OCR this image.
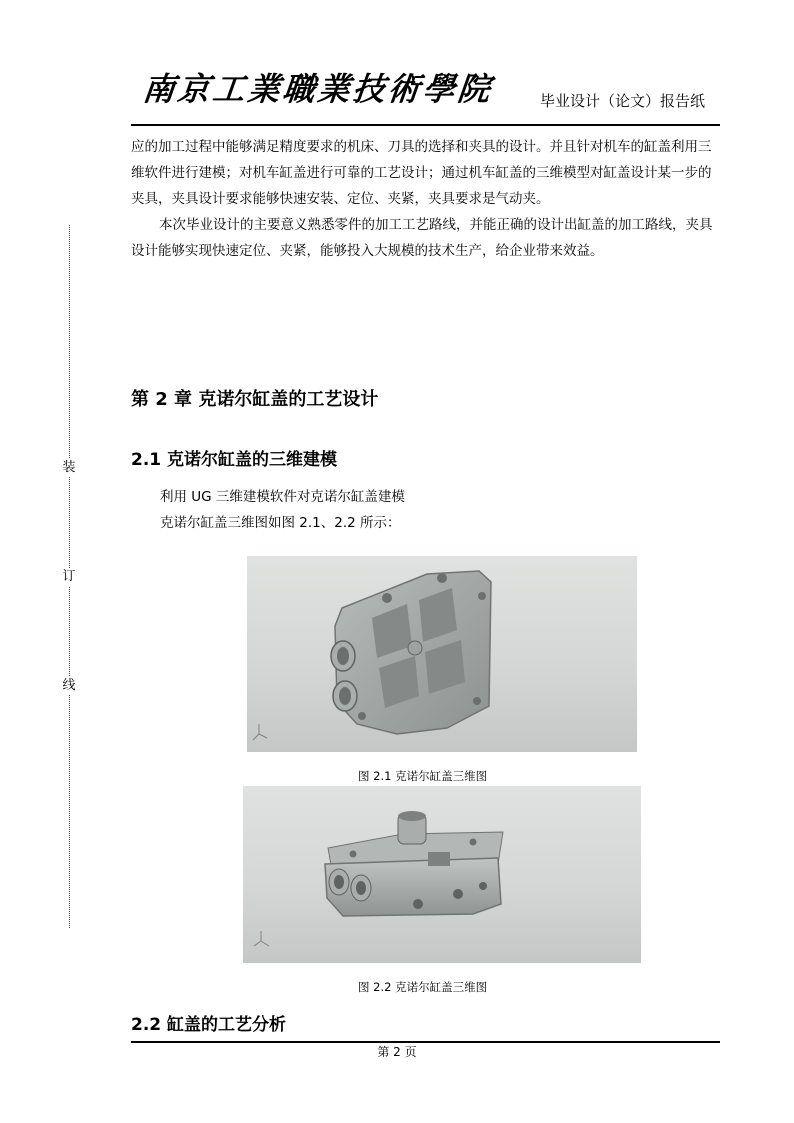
南京工業職業技術學院	毕业设计（论文）报告纸
装
订
线

应的加工过程中能够满足精度要求的机床、刀具的选择和夹具的设计。并且针对机车的缸盖利用三维软件进行建模；对机车缸盖进行可靠的工艺设计；通过机车缸盖的三维模型对缸盖设计某一步的夹具，夹具设计要求能够快速安装、定位、夹紧，夹具要求是气动夹。

本次毕业设计的主要意义熟悉零件的加工工艺路线，并能正确的设计出缸盖的加工路线，夹具设计能够实现快速定位、夹紧，能够投入大规模的技术生产，给企业带来效益。

第 2 章 克诺尔缸盖的工艺设计
2.1 克诺尔缸盖的三维建模
利用 UG 三维建模软件对克诺尔缸盖建模
克诺尔缸盖三维图如图 2.1、2.2 所示：
图 2.1 克诺尔缸盖三维图
图 2.2 克诺尔缸盖三维图
2.2 缸盖的工艺分析
第 2 页
